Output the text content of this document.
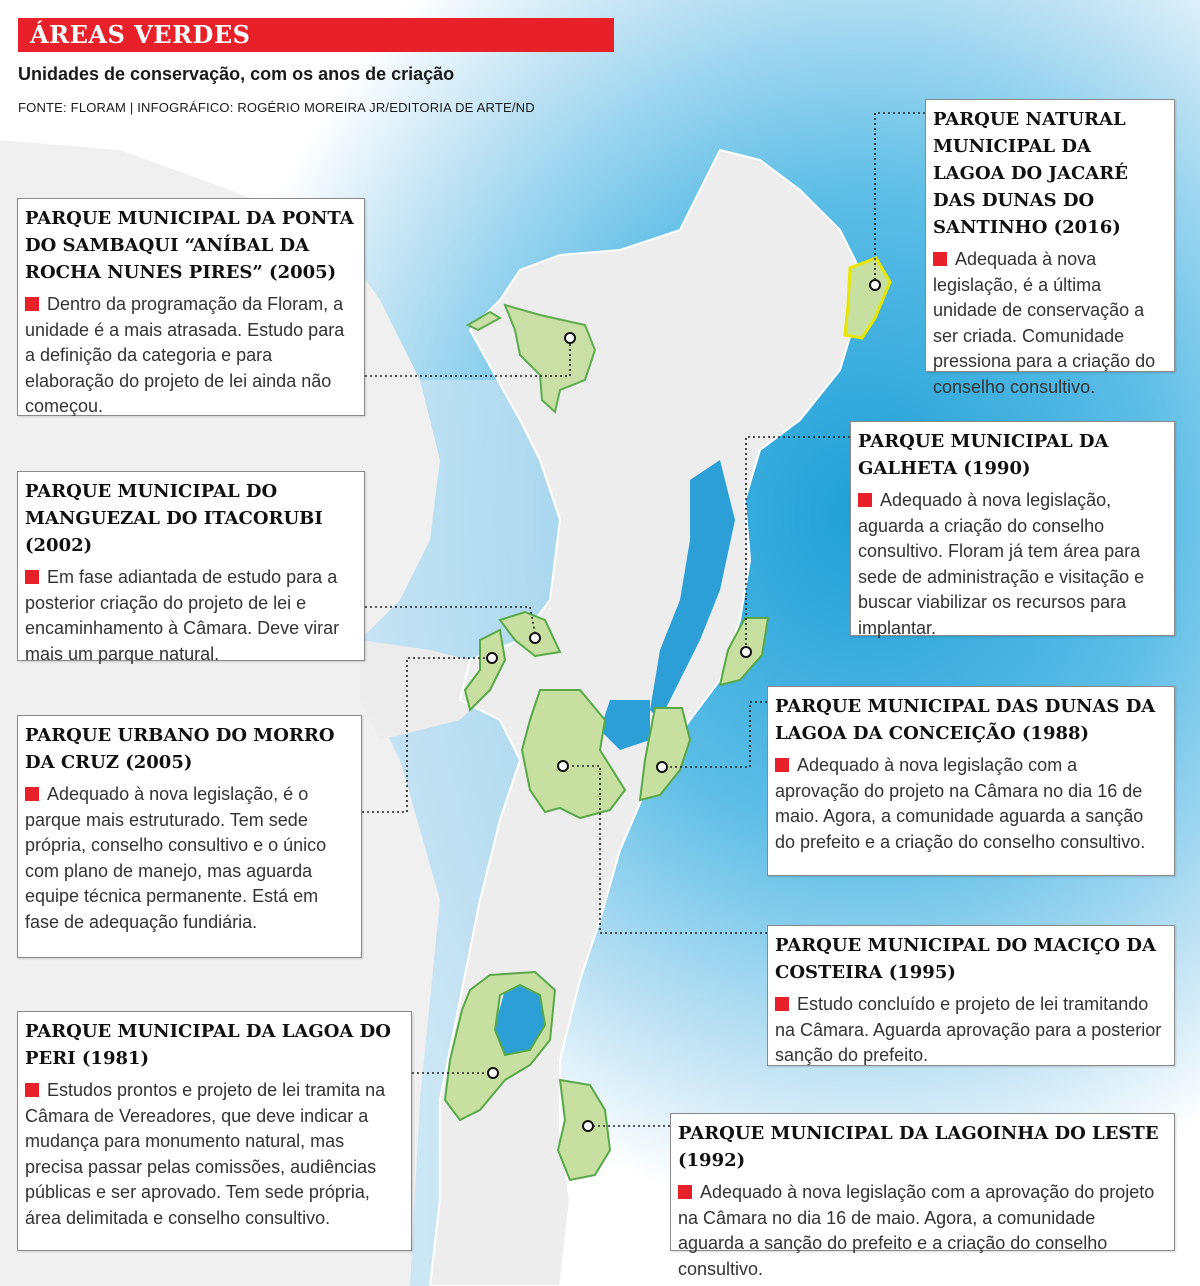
ÁREAS VERDES
Unidades de conservação, com os anos de criação
FONTE: FLORAM | INFOGRÁFICO: ROGÉRIO MOREIRA JR/EDITORIA DE ARTE/ND
PARQUE MUNICIPAL DA PONTA DO SAMBAQUI “ANÍBAL DA ROCHA NUNES PIRES” (2005)

Dentro da programação da Floram, a unidade é a mais atrasada. Estudo para a definição da categoria e para elaboração do projeto de lei ainda não começou.

PARQUE MUNICIPAL DO MANGUEZAL DO ITACORUBI (2002)

Em fase adiantada de estudo para a posterior criação do projeto de lei e encaminhamento à Câmara. Deve virar mais um parque natural.

PARQUE URBANO DO MORRO DA CRUZ (2005)

Adequado à nova legislação, é o parque mais estruturado. Tem sede própria, conselho consultivo e o único com plano de manejo, mas aguarda equipe técnica permanente. Está em fase de adequação fundiária.

PARQUE MUNICIPAL DA LAGOA DO PERI (1981)

Estudos prontos e projeto de lei tramita na Câmara de Vereadores, que deve indicar a mudança para monumento natural, mas precisa passar pelas comissões, audiências públicas e ser aprovado. Tem sede própria, área delimitada e conselho consultivo.

PARQUE NATURAL MUNICIPAL DA LAGOA DO JACARÉ DAS DUNAS DO SANTINHO (2016)

Adequada à nova legislação, é a última unidade de conservação a ser criada. Comunidade pressiona para a criação do conselho consultivo.

PARQUE MUNICIPAL DA GALHETA (1990)

Adequado à nova legislação, aguarda a criação do conselho consultivo. Floram já tem área para sede de administração e visitação e buscar viabilizar os recursos para implantar.

PARQUE MUNICIPAL DAS DUNAS DA LAGOA DA CONCEIÇÃO (1988)

Adequado à nova legislação com a aprovação do projeto na Câmara no dia 16 de maio. Agora, a comunidade aguarda a sanção do prefeito e a criação do conselho consultivo.

PARQUE MUNICIPAL DO MACIÇO DA COSTEIRA (1995)

Estudo concluído e projeto de lei tramitando na Câmara. Aguarda aprovação para a posterior sanção do prefeito.

PARQUE MUNICIPAL DA LAGOINHA DO LESTE (1992)

Adequado à nova legislação com a aprovação do projeto na Câmara no dia 16 de maio. Agora, a comunidade aguarda a sanção do prefeito e a criação do conselho consultivo.
